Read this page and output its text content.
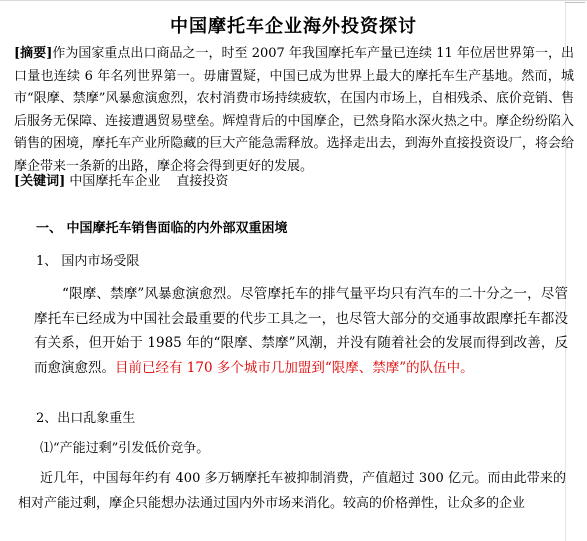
中国摩托车企业海外投资探讨
[摘要]作为国家重点出口商品之一，时至 2007 年我国摩托车产量已连续 11 年位居世界第一，出口量也连续 6 年名列世界第一。毋庸置疑，中国已成为世界上最大的摩托车生产基地。然而，城市“限摩、禁摩”风暴愈演愈烈，农村消费市场持续疲软，在国内市场上，自相残杀、底价竞销、售后服务无保障、连接遭遇贸易壁垒。辉煌背后的中国摩企，已然身陷水深火热之中。摩企纷纷陷入销售的困境，摩托车产业所隐藏的巨大产能急需释放。选择走出去，到海外直接投资设厂，将会给摩企带来一条新的出路，摩企将会得到更好的发展。
[关键词] 中国摩托车企业 直接投资
一、 中国摩托车销售面临的内外部双重困境
1、 国内市场受限
“限摩、禁摩”风暴愈演愈烈。尽管摩托车的排气量平均只有汽车的二十分之一，尽管摩托车已经成为中国社会最重要的代步工具之一，也尽管大部分的交通事故跟摩托车都没有关系，但开始于 1985 年的“限摩、禁摩”风潮，并没有随着社会的发展而得到改善，反而愈演愈烈。目前已经有 170 多个城市几加盟到“限摩、禁摩”的队伍中。
2、出口乱象重生
⑴“产能过剩”引发低价竞争。
近几年，中国每年约有 400 多万辆摩托车被抑制消费，产值超过 300 亿元。而由此带来的相对产能过剩，摩企只能想办法通过国内外市场来消化。较高的价格弹性，让众多的企业
